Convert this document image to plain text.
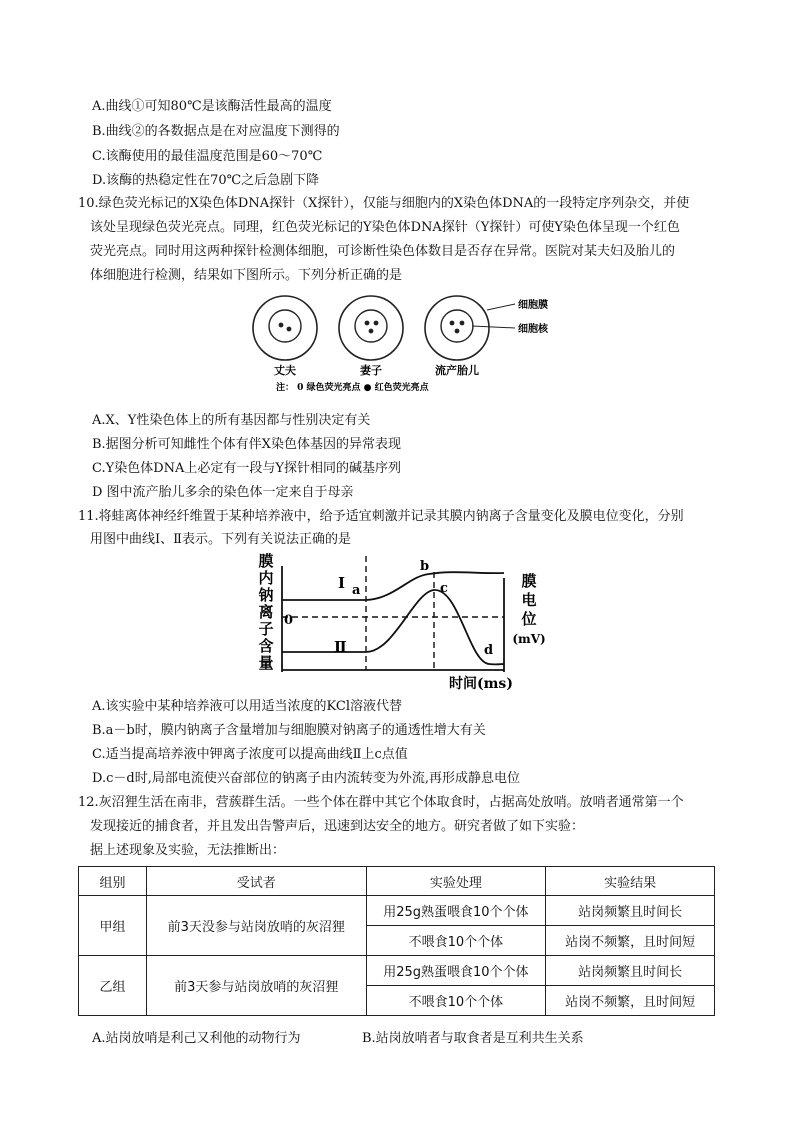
A.曲线①可知80℃是该酶活性最高的温度
B.曲线②的各数据点是在对应温度下测得的
C.该酶使用的最佳温度范围是60～70℃
D.该酶的热稳定性在70℃之后急剧下降
10.绿色荧光标记的X染色体DNA探针（X探针），仅能与细胞内的X染色体DNA的一段特定序列杂交，并使
该处呈现绿色荧光亮点。同理，红色荧光标记的Y染色体DNA探针（Y探针）可使Y染色体呈现一个红色
荧光亮点。同时用这两种探针检测体细胞，可诊断性染色体数目是否存在异常。医院对某夫妇及胎儿的
体细胞进行检测，结果如下图所示。下列分析正确的是
细胞膜
细胞核
丈夫	妻子	流产胎儿
注： 0 绿色荧光亮点 ● 红色荧光亮点
A.X、Y性染色体上的所有基因都与性别决定有关
B.据图分析可知雌性个体有伴X染色体基因的异常表现
C.Y染色体DNA上必定有一段与Y探针相同的碱基序列
D 图中流产胎儿多余的染色体一定来自于母亲
11.将蛙离体神经纤维置于某种培养液中，给予适宜刺激并记录其膜内钠离子含量变化及膜电位变化，分别
用图中曲线Ⅰ、Ⅱ表示。下列有关说法正确的是
膜内钠离子含量
膜电位(mV)
0
Ⅰ
Ⅱ
a
b
c
d
时间(ms)
A.该实验中某种培养液可以用适当浓度的KCl溶液代替
B.a－b时，膜内钠离子含量增加与细胞膜对钠离子的通透性增大有关
C.适当提高培养液中钾离子浓度可以提高曲线Ⅱ上c点值
D.c－d时,局部电流使兴奋部位的钠离子由内流转变为外流,再形成静息电位
12.灰沼狸生活在南非，营蔟群生活。一些个体在群中其它个体取食时，占据高处放哨。放哨者通常第一个
发现接近的捕食者，并且发出告警声后，迅速到达安全的地方。研究者做了如下实验：
据上述现象及实验，无法推断出：
组别	受试者	实验处理	实验结果
甲组	前3天没参与站岗放哨的灰沼狸	用25g熟蛋喂食10个个体	站岗频繁且时间长
		不喂食10个个体	站岗不频繁，且时间短
乙组	前3天参与站岗放哨的灰沼狸	用25g熟蛋喂食10个个体	站岗频繁且时间长
		不喂食10个个体	站岗不频繁，且时间短
A.站岗放哨是利己又利他的动物行为	B.站岗放哨者与取食者是互利共生关系
